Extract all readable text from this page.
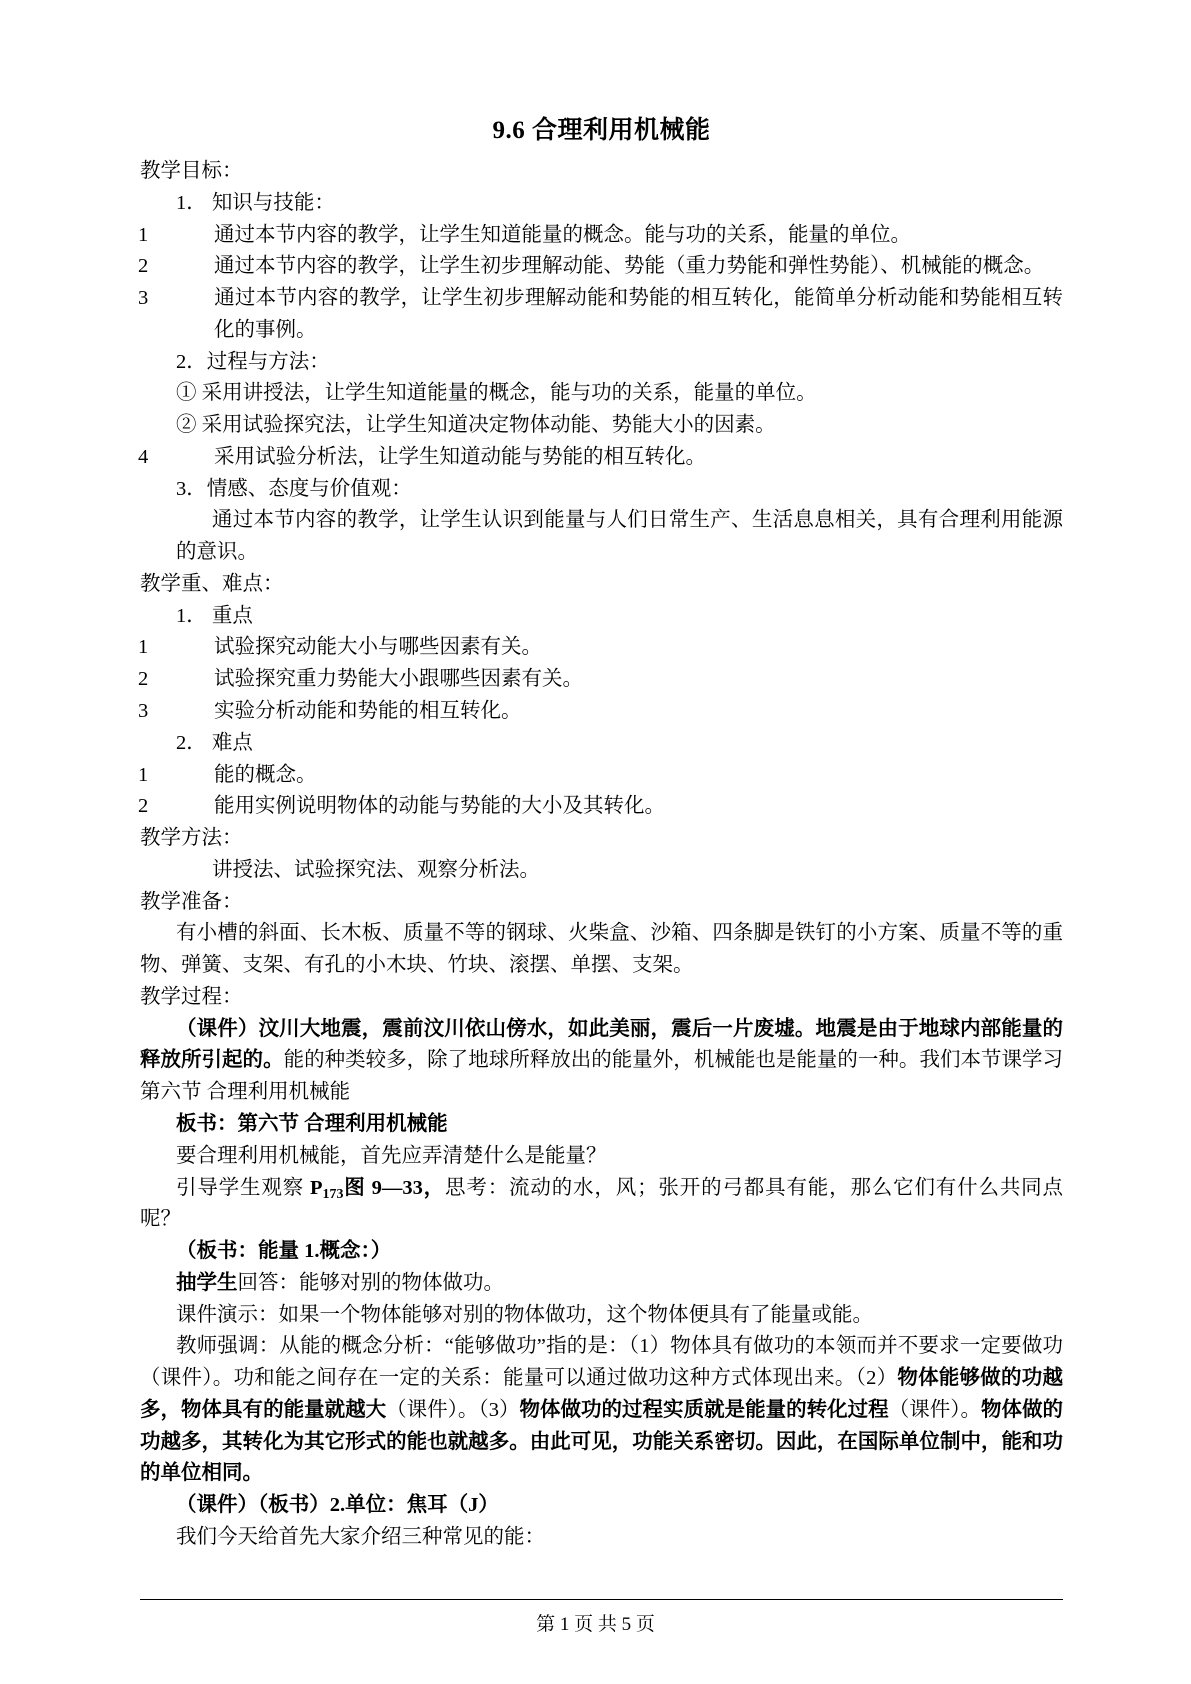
9.6 合理利用机械能

教学目标：

1． 知识与技能：

1	通过本节内容的教学，让学生知道能量的概念。能与功的关系，能量的单位。

2	通过本节内容的教学，让学生初步理解动能、势能（重力势能和弹性势能）、机械能的概念。

3	通过本节内容的教学，让学生初步理解动能和势能的相互转化，能简单分析动能和势能相互转化的事例。

2．过程与方法：

① 采用讲授法，让学生知道能量的概念，能与功的关系，能量的单位。

② 采用试验探究法，让学生知道决定物体动能、势能大小的因素。

4	采用试验分析法，让学生知道动能与势能的相互转化。

3．情感、态度与价值观：

通过本节内容的教学，让学生认识到能量与人们日常生产、生活息息相关，具有合理利用能源的意识。

教学重、难点：

1． 重点

1	试验探究动能大小与哪些因素有关。

2	试验探究重力势能大小跟哪些因素有关。

3	实验分析动能和势能的相互转化。

2． 难点

1	能的概念。

2	能用实例说明物体的动能与势能的大小及其转化。

教学方法：

讲授法、试验探究法、观察分析法。

教学准备：

有小槽的斜面、长木板、质量不等的钢球、火柴盒、沙箱、四条脚是铁钉的小方案、质量不等的重物、弹簧、支架、有孔的小木块、竹块、滚摆、单摆、支架。

教学过程：

（课件）汶川大地震，震前汶川依山傍水，如此美丽，震后一片废墟。地震是由于地球内部能量的释放所引起的。能的种类较多，除了地球所释放出的能量外，机械能也是能量的一种。我们本节课学习 第六节 合理利用机械能

板书：第六节 合理利用机械能

要合理利用机械能，首先应弄清楚什么是能量？

引导学生观察 $P_{173}$图 9—33，思考：流动的水，风；张开的弓都具有能，那么它们有什么共同点呢？

（板书：能量 1.概念：）

抽学生回答：能够对别的物体做功。

课件演示：如果一个物体能够对别的物体做功，这个物体便具有了能量或能。

教师强调：从能的概念分析：“能够做功”指的是：（1）物体具有做功的本领而并不要求一定要做功（课件）。功和能之间存在一定的关系：能量可以通过做功这种方式体现出来。（2）物体能够做的功越多，物体具有的能量就越大（课件）。（3）物体做功的过程实质就是能量的转化过程（课件）。物体做的功越多，其转化为其它形式的能也就越多。由此可见，功能关系密切。因此，在国际单位制中，能和功的单位相同。

（课件）（板书）2.单位：焦耳（J）

我们今天给首先大家介绍三种常见的能：

第 1 页 共 5 页
